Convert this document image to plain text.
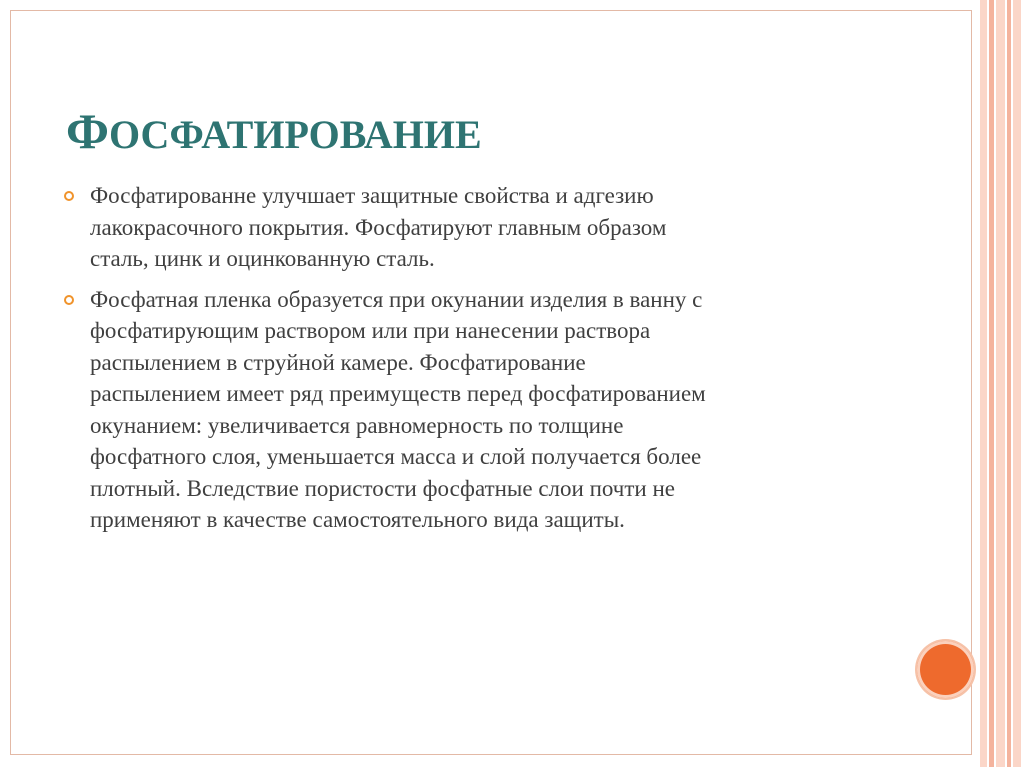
ФОСФАТИРОВАНИЕ
Фосфатированне улучшает защитные свойства и адгезию
лакокрасочного покрытия. Фосфатируют главным образом
сталь, цинк и оцинкованную сталь.
Фосфатная пленка образуется при окунании изделия в ванну с
фосфатирующим раствором или при нанесении раствора
распылением в струйной камере. Фосфатирование
распылением имеет ряд преимуществ перед фосфатированием
окунанием: увеличивается равномерность по толщине
фосфатного слоя, уменьшается масса и слой получается более
плотный. Вследствие пористости фосфатные слои почти не
применяют в качестве самостоятельного вида защиты.
